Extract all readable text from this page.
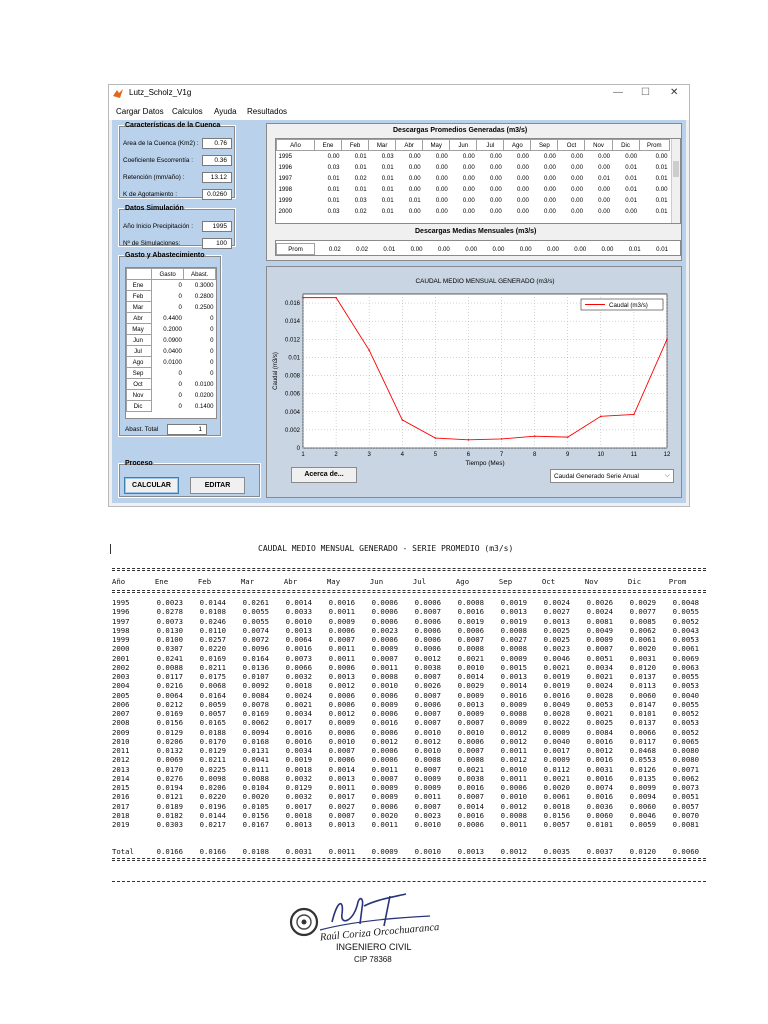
Lutz_Scholz_V1g	— ☐ ✕
Cargar Datos Calculos Ayuda Resultados
Características de la Cuenca
Area de la Cuenca (Km2) :	0.76
Coeficiente Escorrentía :	0.36
Retención (mm/año) :	13.12
K de Agotamiento :	0.0260
Datos Simulación
Año Inicio Precipitación :	1995
Nº de Simulaciones:	100
Gasto y Abastecimiento
	Gasto	Abast.
Ene	0	0.3000
Feb	0	0.2800
Mar	0	0.2500
Abr	0.4400	0
May	0.2000	0
Jun	0.0900	0
Jul	0.0400	0
Ago	0.0100	0
Sep	0	0
Oct	0	0.0100
Nov	0	0.0200
Dic	0	0.1400
Abast. Total	1
Proceso
CALCULAR	EDITAR
Descargas Promedios Generadas (m3/s)
Año	Ene	Feb	Mar	Abr	May	Jun	Jul	Ago	Sep	Oct	Nov	Dic	Prom
1995	0.00	0.01	0.03	0.00	0.00	0.00	0.00	0.00	0.00	0.00	0.00	0.00	0.00
1996	0.03	0.01	0.01	0.00	0.00	0.00	0.00	0.00	0.00	0.00	0.00	0.01	0.01
1997	0.01	0.02	0.01	0.00	0.00	0.00	0.00	0.00	0.00	0.00	0.01	0.01	0.01
1998	0.01	0.01	0.01	0.00	0.00	0.00	0.00	0.00	0.00	0.00	0.00	0.01	0.00
1999	0.01	0.03	0.01	0.01	0.00	0.00	0.00	0.00	0.00	0.00	0.00	0.01	0.01
2000	0.03	0.02	0.01	0.00	0.00	0.00	0.00	0.00	0.00	0.00	0.00	0.00	0.01
Descargas Medias Mensuales (m3/s)
Prom	0.02	0.02	0.01	0.00	0.00	0.00	0.00	0.00	0.00	0.00	0.00	0.01	0.01
CAUDAL MEDIO MENSUAL GENERADO (m3/s)
0
0.002
0.004
0.006
0.008
0.01
0.012
0.014
0.016
1	2	3	4	5	6	7	8	9	10	11	12
Tiempo (Mes)
Caudal (m3/s)
Caudal (m3/s)
Acerca de...	Caudal Generado Serie Anual	⌵
CAUDAL MEDIO MENSUAL GENERADO - SERIE PROMEDIO (m3/s)
Año	Ene	Feb	Mar	Abr	May	Jun	Jul	Ago	Sep	Oct	Nov	Dic	Prom

1995	0.0023	0.0144	0.0261	0.0014	0.0016	0.0006	0.0006	0.0008	0.0019	0.0024	0.0026	0.0029	0.0048
1996	0.0278	0.0108	0.0055	0.0033	0.0011	0.0006	0.0007	0.0016	0.0013	0.0027	0.0024	0.0077	0.0055
1997	0.0073	0.0246	0.0055	0.0010	0.0009	0.0006	0.0006	0.0019	0.0019	0.0013	0.0081	0.0085	0.0052
1998	0.0130	0.0110	0.0074	0.0013	0.0006	0.0023	0.0006	0.0006	0.0008	0.0025	0.0049	0.0062	0.0043
1999	0.0100	0.0257	0.0072	0.0064	0.0007	0.0006	0.0006	0.0007	0.0027	0.0025	0.0009	0.0061	0.0053
2000	0.0307	0.0220	0.0096	0.0016	0.0011	0.0009	0.0006	0.0008	0.0008	0.0023	0.0007	0.0020	0.0061
2001	0.0241	0.0169	0.0164	0.0073	0.0011	0.0007	0.0012	0.0021	0.0009	0.0046	0.0051	0.0031	0.0069
2002	0.0088	0.0211	0.0136	0.0066	0.0006	0.0011	0.0038	0.0010	0.0015	0.0021	0.0034	0.0120	0.0063
2003	0.0117	0.0175	0.0107	0.0032	0.0013	0.0008	0.0007	0.0014	0.0013	0.0019	0.0021	0.0137	0.0055
2004	0.0216	0.0068	0.0092	0.0018	0.0012	0.0010	0.0026	0.0029	0.0014	0.0019	0.0024	0.0113	0.0053
2005	0.0064	0.0164	0.0084	0.0024	0.0006	0.0006	0.0007	0.0009	0.0016	0.0016	0.0028	0.0060	0.0040
2006	0.0212	0.0059	0.0078	0.0021	0.0006	0.0009	0.0006	0.0013	0.0009	0.0049	0.0053	0.0147	0.0055
2007	0.0169	0.0057	0.0169	0.0034	0.0012	0.0006	0.0007	0.0009	0.0008	0.0028	0.0021	0.0101	0.0052
2008	0.0156	0.0165	0.0062	0.0017	0.0009	0.0016	0.0007	0.0007	0.0009	0.0022	0.0025	0.0137	0.0053
2009	0.0129	0.0188	0.0094	0.0016	0.0006	0.0006	0.0010	0.0010	0.0012	0.0009	0.0084	0.0066	0.0052
2010	0.0206	0.0170	0.0168	0.0016	0.0010	0.0012	0.0012	0.0006	0.0012	0.0040	0.0016	0.0117	0.0065
2011	0.0132	0.0129	0.0131	0.0034	0.0007	0.0006	0.0010	0.0007	0.0011	0.0017	0.0012	0.0468	0.0080
2012	0.0069	0.0211	0.0041	0.0019	0.0006	0.0006	0.0008	0.0008	0.0012	0.0009	0.0016	0.0553	0.0080
2013	0.0170	0.0225	0.0111	0.0018	0.0014	0.0011	0.0007	0.0021	0.0010	0.0112	0.0031	0.0126	0.0071
2014	0.0276	0.0098	0.0088	0.0032	0.0013	0.0007	0.0009	0.0038	0.0011	0.0021	0.0016	0.0135	0.0062
2015	0.0194	0.0206	0.0104	0.0129	0.0011	0.0009	0.0009	0.0016	0.0006	0.0020	0.0074	0.0099	0.0073
2016	0.0121	0.0220	0.0020	0.0032	0.0017	0.0009	0.0011	0.0007	0.0010	0.0061	0.0016	0.0094	0.0051
2017	0.0189	0.0196	0.0105	0.0017	0.0027	0.0006	0.0007	0.0014	0.0012	0.0018	0.0036	0.0060	0.0057
2018	0.0182	0.0144	0.0156	0.0018	0.0007	0.0020	0.0023	0.0016	0.0008	0.0156	0.0060	0.0046	0.0070
2019	0.0303	0.0217	0.0167	0.0013	0.0013	0.0011	0.0010	0.0006	0.0011	0.0057	0.0101	0.0059	0.0081

Total	0.0166	0.0166	0.0108	0.0031	0.0011	0.0009	0.0010	0.0013	0.0012	0.0035	0.0037	0.0120	0.0060
Raúl Coriza Orcochuaranca
INGENIERO CIVIL
CIP 78368
